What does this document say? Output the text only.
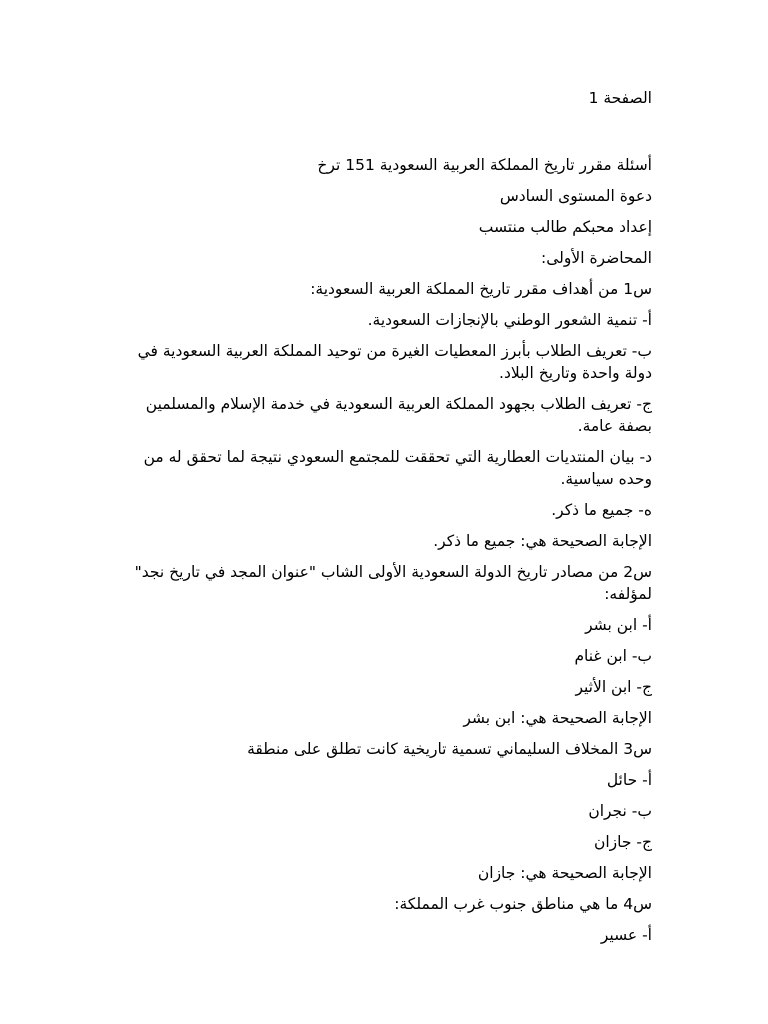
الصفحة 1
أسئلة مقرر تاريخ المملكة العربية السعودية 151 ترخ
دعوة المستوى السادس
إعداد محبكم طالب منتسب
المحاضرة الأولى:
س1 من أهداف مقرر تاريخ المملكة العربية السعودية:
أ- تنمية الشعور الوطني بالإنجازات السعودية.
ب- تعريف الطلاب بأبرز المعطيات الغيرة من توحيد المملكة العربية السعودية في دولة واحدة وتاريخ البلاد.
ج- تعريف الطلاب بجهود المملكة العربية السعودية في خدمة الإسلام والمسلمين بصفة عامة.
د- بيان المنتديات العطارية التي تحققت للمجتمع السعودي نتيجة لما تحقق له من وحده سياسية.
ه- جميع ما ذكر.
الإجابة الصحيحة هي: جميع ما ذكر.
س2 من مصادر تاريخ الدولة السعودية الأولى الشاب "عنوان المجد في تاريخ نجد" لمؤلفه:
أ- ابن بشر
ب- ابن غنام
ج- ابن الأثير
الإجابة الصحيحة هي: ابن بشر
س3 المخلاف السليماني تسمية تاريخية كانت تطلق على منطقة
أ- حائل
ب- نجران
ج- جازان
الإجابة الصحيحة هي: جازان
س4 ما هي مناطق جنوب غرب المملكة:
أ- عسير
